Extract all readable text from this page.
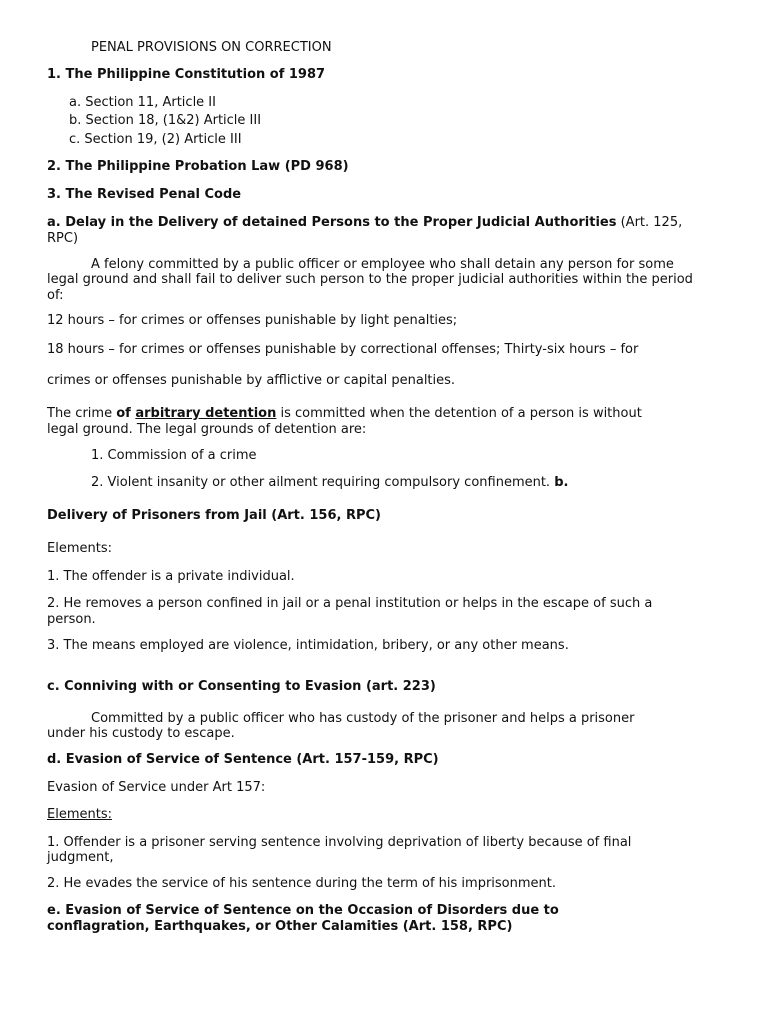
PENAL PROVISIONS ON CORRECTION
1. The Philippine Constitution of 1987
a. Section 11, Article II
b. Section 18, (1&2) Article III
c. Section 19, (2) Article III
2. The Philippine Probation Law (PD 968)
3. The Revised Penal Code
a. Delay in the Delivery of detained Persons to the Proper Judicial Authorities (Art. 125,
RPC)
A felony committed by a public officer or employee who shall detain any person for some
legal ground and shall fail to deliver such person to the proper judicial authorities within the period
of:
12 hours – for crimes or offenses punishable by light penalties;
18 hours – for crimes or offenses punishable by correctional offenses; Thirty-six hours – for
crimes or offenses punishable by afflictive or capital penalties.
The crime of arbitrary detention is committed when the detention of a person is without
legal ground. The legal grounds of detention are:
1. Commission of a crime
2. Violent insanity or other ailment requiring compulsory confinement. b.
Delivery of Prisoners from Jail (Art. 156, RPC)
Elements:
1. The offender is a private individual.
2. He removes a person confined in jail or a penal institution or helps in the escape of such a
person.
3. The means employed are violence, intimidation, bribery, or any other means.
c. Conniving with or Consenting to Evasion (art. 223)
Committed by a public officer who has custody of the prisoner and helps a prisoner
under his custody to escape.
d. Evasion of Service of Sentence (Art. 157-159, RPC)
Evasion of Service under Art 157:
Elements:
1. Offender is a prisoner serving sentence involving deprivation of liberty because of final
judgment,
2. He evades the service of his sentence during the term of his imprisonment.
e. Evasion of Service of Sentence on the Occasion of Disorders due to
conflagration, Earthquakes, or Other Calamities (Art. 158, RPC)
